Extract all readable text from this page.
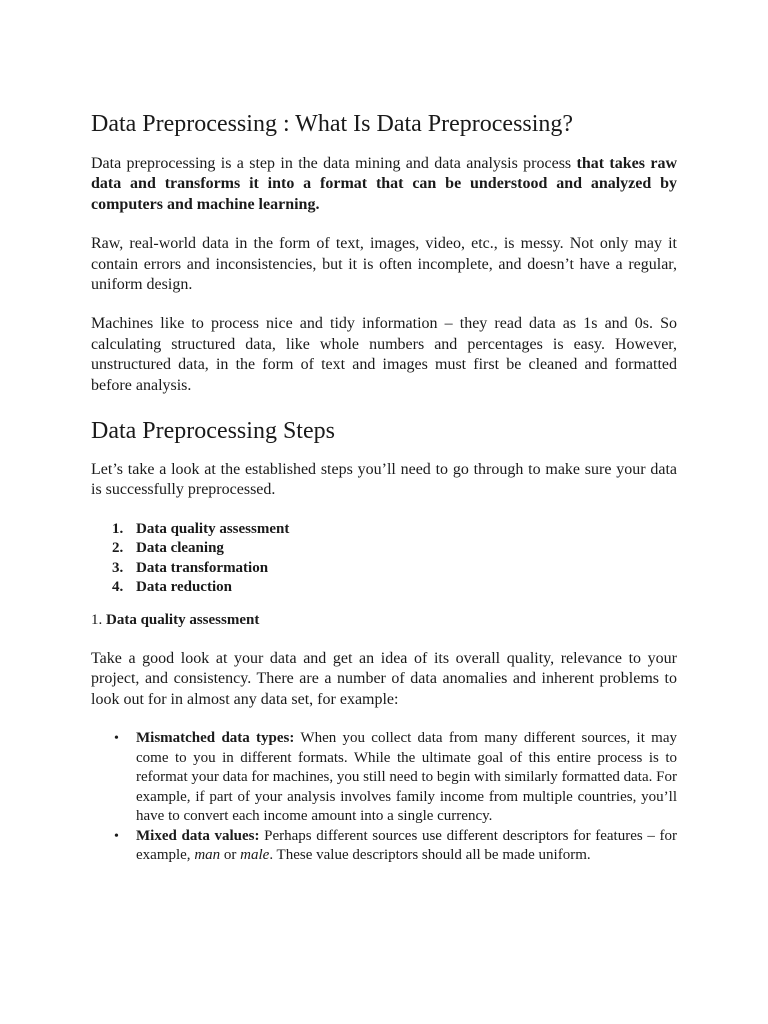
Data Preprocessing : What Is Data Preprocessing?

Data preprocessing is a step in the data mining and data analysis process that takes raw data and transforms it into a format that can be understood and analyzed by computers and machine learning.

Raw, real-world data in the form of text, images, video, etc., is messy. Not only may it contain errors and inconsistencies, but it is often incomplete, and doesn’t have a regular, uniform design.

Machines like to process nice and tidy information – they read data as 1s and 0s. So calculating structured data, like whole numbers and percentages is easy. However, unstructured data, in the form of text and images must first be cleaned and formatted before analysis.

Data Preprocessing Steps

Let’s take a look at the established steps you’ll need to go through to make sure your data is successfully preprocessed.

1. Data quality assessment
2. Data cleaning
3. Data transformation
4. Data reduction
1. Data quality assessment

Take a good look at your data and get an idea of its overall quality, relevance to your project, and consistency. There are a number of data anomalies and inherent problems to look out for in almost any data set, for example:

• Mismatched data types: When you collect data from many different sources, it may come to you in different formats. While the ultimate goal of this entire process is to reformat your data for machines, you still need to begin with similarly formatted data. For example, if part of your analysis involves family income from multiple countries, you’ll have to convert each income amount into a single currency.
• Mixed data values: Perhaps different sources use different descriptors for features – for example, man or male. These value descriptors should all be made uniform.
